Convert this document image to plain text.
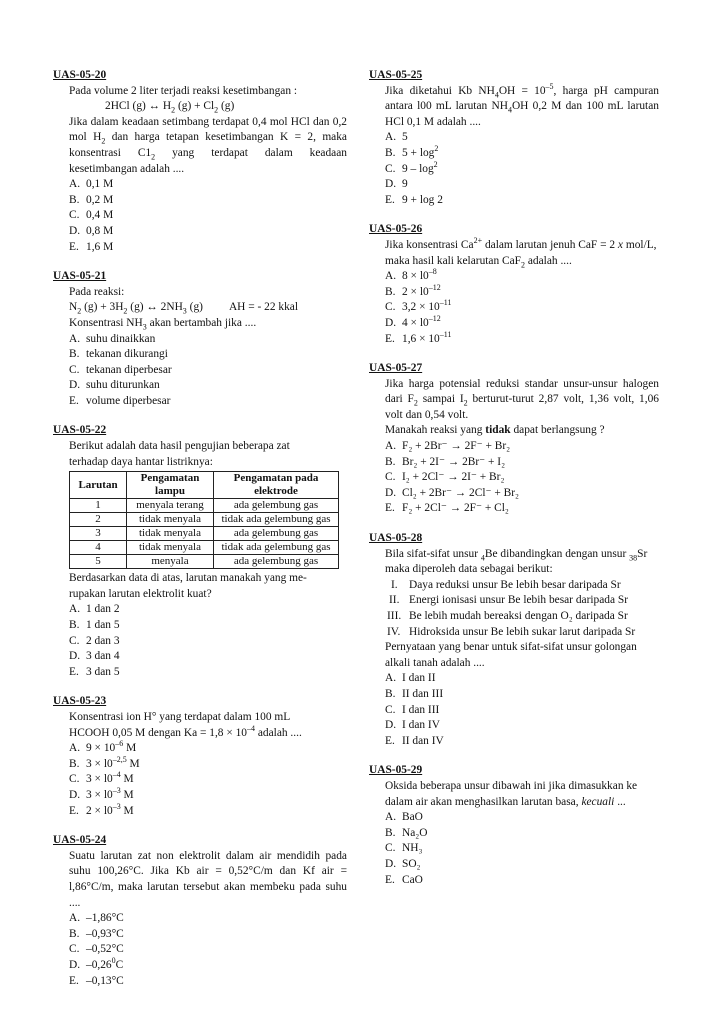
UAS-05-20
Pada volume 2 liter terjadi reaksi kesetimbangan :
2HCl (g) ↔ $H_2$ $(g) + Cl_2$ (g)
Jika dalam keadaan setimbang terdapat 0,4 mol HCl dan 0,2 mol $H_2$ dan harga tetapan kesetimbangan K = 2, maka konsentrasi $C1_2$ yang terdapat dalam keadaan kesetimbangan adalah ....
A. 0,1 M
B. 0,2 M
C. 0,4 M
D. 0,8 M
E. 1,6 M
UAS-05-21
Pada reaksi:
$N_2$ $(g) + 3H_2$ (g) ↔ $2NH_3$ (g) AH = - 22 kkal
Konsentrasi $NH_3$ akan bertambah jika ....
A. suhu dinaikkan
B. tekanan dikurangi
C. tekanan diperbesar
D. suhu diturunkan
E. volume diperbesar
UAS-05-22
Berikut adalah data hasil pengujian beberapa zat
terhadap daya hantar listriknya:
Larutan	Pengamatan lampu	Pengamatan pada elektrode
1	menyala terang	ada gelembung gas
2	tidak menyala	tidak ada gelembung gas
3	tidak menyala	ada gelembung gas
4	tidak menyala	tidak ada gelembung gas
5	menyala	ada gelembung gas
Berdasarkan data di atas, larutan manakah yang me-
rupakan larutan elektrolit kuat?
A. 1 dan 2
B. 1 dan 5
C. 2 dan 3
D. 3 dan 4
E. 3 dan 5
UAS-05-23
Konsentrasi ion H° yang terdapat dalam 100 mL
HCOOH 0,05 M dengan $Ka = 1,8 \times 10^{-4}$ adalah ....
A. $9 \times 10^{-6}$ M
B. $3 \times l0^{-2,5}$ M
C. $3 \times l0^{-4}$ M
D. $3 \times l0^{-3}$ M
E. $2 \times l0^{-3}$ M
UAS-05-24
Suatu larutan zat non elektrolit dalam air mendidih pada suhu 100,26°C. Jika Kb air = 0,52°C/m dan Kf air = l,86°C/m, maka larutan tersebut akan membeku pada suhu ....
A. –1,86°C
B. –0,93°C
C. –0,52°C
D. –0,26$^0$C
E. –0,13°C
UAS-05-25
Jika diketahui Kb $NH_4OH = 10^{-5}$, harga pH campuran antara l00 mL larutan $NH_4OH$ 0,2 M dan 100 mL larutan HCl 0,1 M adalah ....
A. 5
B. $5 + \log^2$
C. $9 - \log^2$
D. 9
E. 9 + log 2
UAS-05-26
Jika konsentrasi $Ca^{2+}$ dalam larutan jenuh CaF = 2 x mol/L, maka hasil kali kelarutan CaF$_2$ adalah ....
A. $8 \times l0^{-8}$
B. $2 \times l0^{-12}$
C. $3,2 \times 10^{-11}$
D. $4 \times l0^{-12}$
E. $1,6 \times 10^{-11}$
UAS-05-27
Jika harga potensial reduksi standar unsur-unsur halogen dari $F_2$ sampai $I_2$ berturut-turut 2,87 volt, 1,36 volt, 1,06 volt dan 0,54 volt.
Manakah reaksi yang tidak dapat berlangsung ?
A. F₂ + 2Br⁻ → 2F⁻ + Br₂
B. Br₂ + 2I⁻ → 2Br⁻ + I₂
C. I₂ + 2Cl⁻ → 2I⁻ + Br₂
D. Cl₂ + 2Br⁻ → 2Cl⁻ + Br₂
E. F₂ + 2Cl⁻ → 2F⁻ + Cl₂
UAS-05-28
Bila sifat-sifat unsur $_4$Be dibandingkan dengan unsur $_{38}$Sr maka diperoleh data sebagai berikut:
I. Daya reduksi unsur Be lebih besar daripada Sr
II. Energi ionisasi unsur Be lebih besar daripada Sr
III. Be lebih mudah bereaksi dengan O₂ daripada Sr
IV. Hidroksida unsur Be lebih sukar larut daripada Sr
Pernyataan yang benar untuk sifat-sifat unsur golongan alkali tanah adalah ....
A. I dan II
B. II dan III
C. I dan III
D. I dan IV
E. II dan IV
UAS-05-29
Oksida beberapa unsur dibawah ini jika dimasukkan ke dalam air akan menghasilkan larutan basa, kecuali ...
A. BaO
B. Na₂O
C. NH₃
D. SO₂
E. CaO
